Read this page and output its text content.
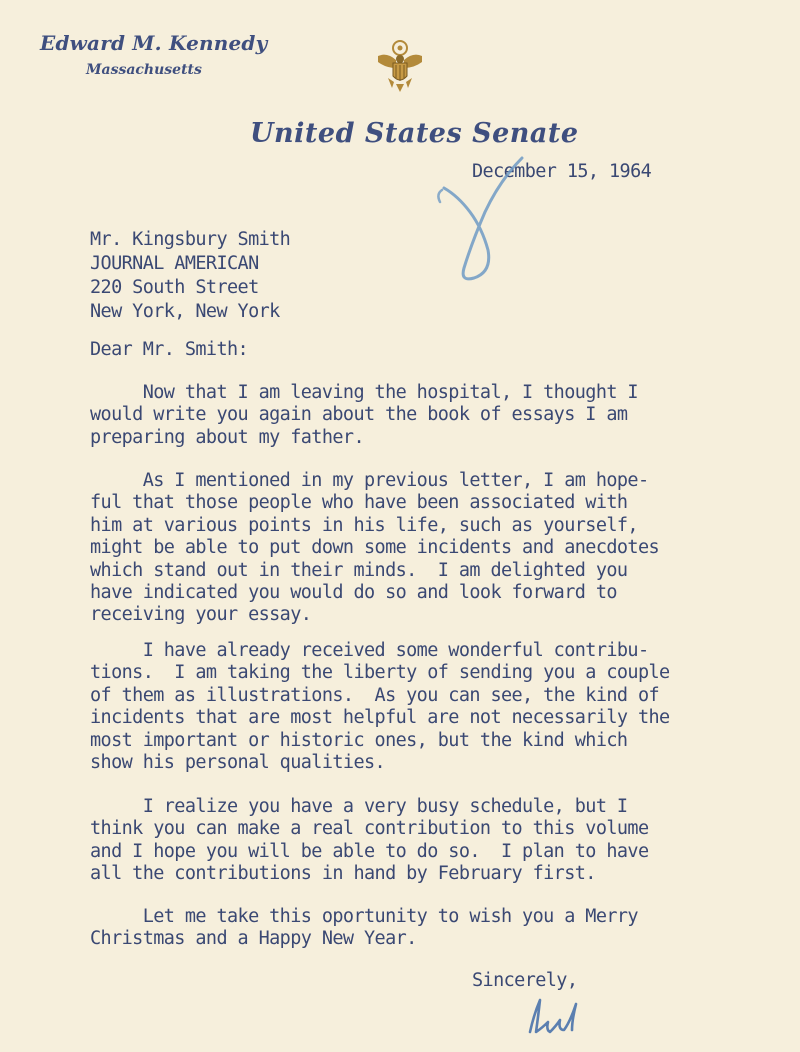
Edward M. Kennedy
Massachusetts
United States Senate
December 15, 1964
Mr. Kingsbury Smith
JOURNAL AMERICAN
220 South Street
New York, New York
Dear Mr. Smith:
Now that I am leaving the hospital, I thought I
would write you again about the book of essays I am
preparing about my father.
As I mentioned in my previous letter, I am hope-
ful that those people who have been associated with
him at various points in his life, such as yourself,
might be able to put down some incidents and anecdotes
which stand out in their minds.  I am delighted you
have indicated you would do so and look forward to
receiving your essay.
I have already received some wonderful contribu-
tions.  I am taking the liberty of sending you a couple
of them as illustrations.  As you can see, the kind of
incidents that are most helpful are not necessarily the
most important or historic ones, but the kind which
show his personal qualities.
I realize you have a very busy schedule, but I
think you can make a real contribution to this volume
and I hope you will be able to do so.  I plan to have
all the contributions in hand by February first.
Let me take this oportunity to wish you a Merry
Christmas and a Happy New Year.
Sincerely,
